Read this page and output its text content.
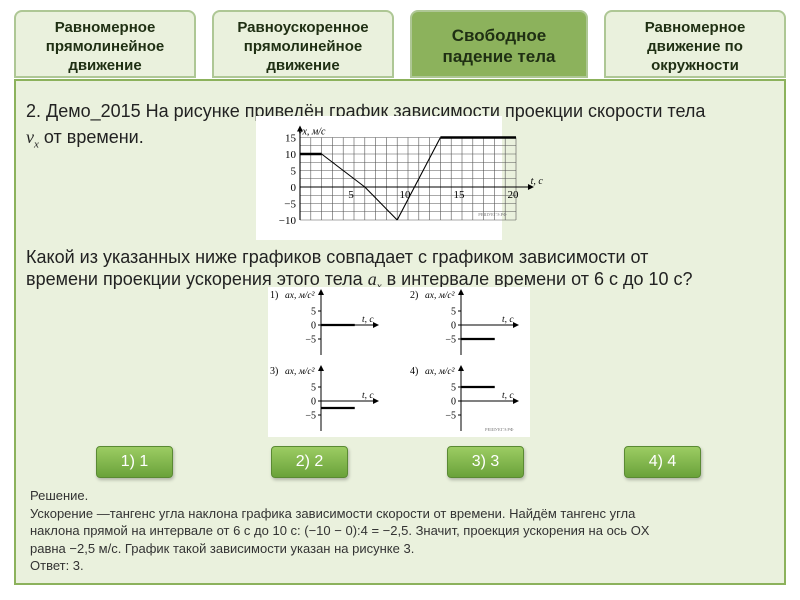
Равномерное
прямолинейное
движение
Равноускоренное
прямолинейное
движение
Свободное
падение тела
Равномерное
движение по
окружности
2. Демо_2015 На рисунке приведён график зависимости проекции скорости тела
$v_x$ от времени.	15
10
5
0
−5
−10
5	10	15	20
vx, м/с
t, c
РЕШУЕГЭ.РФ
Какой из указанных ниже графиков совпадает с графиком зависимости от
времени проекции ускорения этого тела $a_x$ в интервале времени от 6 с до 10 с?
1) ax, м/с²
5
0
−5
t, c
2) ax, м/с²
5
0
−5
t, c
3) ax, м/с²
5
0
−5
t, c
4) ax, м/с²
5
0
−5
t, c
РЕШУЕГЭ.РФ
1) 1	2) 2	3) 3	4) 4
Решение.
Ускорение —тангенс угла наклона графика зависимости скорости от времени. Найдём тангенс угла
наклона прямой на интервале от 6 с до 10 с: (−10 − 0):4 = −2,5. Значит, проекция ускорения на ось OX
равна −2,5 м/с. График такой зависимости указан на рисунке 3.
Ответ: 3.
